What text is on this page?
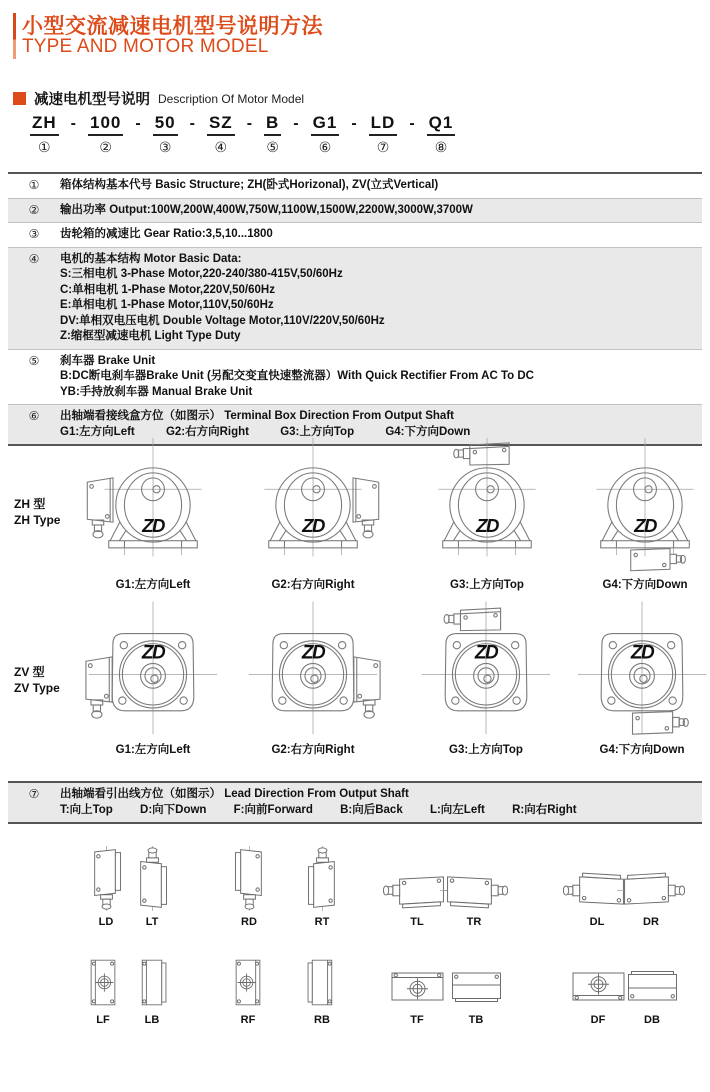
小型交流减速电机型号说明方法
TYPE AND MOTOR MODEL
减速电机型号说明 Description Of Motor Model
ZH
①
- 100
②
- 50
③
- SZ
④
- B
⑤
- G1
⑥
- LD
⑦
- Q1
⑧
①	箱体结构基本代号 Basic Structure; ZH(卧式Horizonal), ZV(立式Vertical)
②	输出功率 Output:100W,200W,400W,750W,1100W,1500W,2200W,3000W,3700W
③	齿轮箱的减速比 Gear Ratio:3,5,10...1800
④	电机的基本结构 Motor Basic Data:
S:三相电机 3-Phase Motor,220-240/380-415V,50/60Hz
C:单相电机 1-Phase Motor,220V,50/60Hz
E:单相电机 1-Phase Motor,110V,50/60Hz
DV:单相双电压电机 Double Voltage Motor,110V/220V,50/60Hz
Z:缩框型减速电机 Light Type Duty
⑤	刹车器 Brake Unit
B:DC断电刹车器Brake Unit (另配交变直快速整流器）With Quick Rectifier From AC To DC
YB:手持放刹车器 Manual Brake Unit
⑥	出轴端看接线盒方位（如图示） Terminal Box Direction From Output Shaft
G1:左方向Left	G2:右方向Right	G3:上方向Top	G4:下方向Down
ZH 型
ZH Type	ZD
G1:左方向Left
ZD
G2:右方向Right
ZD
G3:上方向Top
ZD
G4:下方向Down
ZV 型
ZV Type
ZD
G1:左方向Left
ZD
G2:右方向Right
ZD
G3:上方向Top
ZD
G4:下方向Down
⑦	出轴端看引出线方位（如图示） Lead Direction From Output Shaft
T:向上Top D:向下Down F:向前Forward B:向后Back L:向左Left R:向右Right
LD	LT	RD	RT	TL	TR	DL	DR
LF	LB	RF	RB	TF	TB	DF	DB
